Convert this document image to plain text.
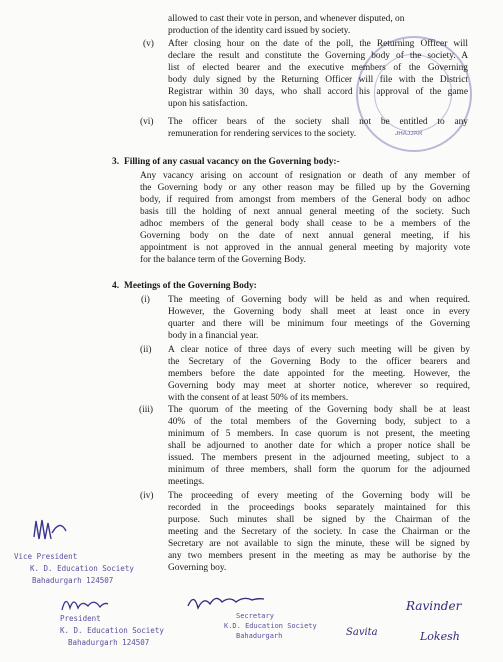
JHAJJAR
allowed to cast their vote in person, and whenever disputed, on
production of the identity card issued by society.
(v) After closing hour on the date of the poll, the Returning Officer will
declare the result and constitute the Governing body of the society. A
list of elected bearer and the executive members of the Governing
body duly signed by the Returning Officer will file with the District
Registrar within 30 days, who shall accord his approval of the game
upon his satisfaction.
(vi) The officer bears of the society shall not be entitled to any
remuneration for rendering services to the society.
3. Filling of any casual vacancy on the Governing body:-
Any vacancy arising on account of resignation or death of any member of
the Governing body or any other reason may be filled up by the Governing
body, if required from amongst from members of the General body on adhoc
basis till the holding of next annual general meeting of the society. Such
adhoc members of the general body shall cease to be a members of the
Governing body on the date of next annual general meeting, if his
appointment is not approved in the annual general meeting by majority vote
for the balance term of the Governing Body.
4. Meetings of the Governing Body:
(i) The meeting of Governing body will be held as and when required.
However, the Governing body shall meet at least once in every
quarter and there will be minimum four meetings of the Governing
body in a financial year.
(ii) A clear notice of three days of every such meeting will be given by
the Secretary of the Governing Body to the officer bearers and
members before the date appointed for the meeting. However, the
Governing body may meet at shorter notice, wherever so required,
with the consent of at least 50% of its members.
(iii) The quorum of the meeting of the Governing body shall be at least
40% of the total members of the Governing body, subject to a
minimum of 5 members. In case quorum is not present, the meeting
shall be adjourned to another date for which a proper notice shall be
issued. The members present in the adjourned meeting, subject to a
minimum of three members, shall form the quorum for the adjourned
meetings.
(iv) The proceeding of every meeting of the Governing body will be
recorded in the proceedings books separately maintained for this
purpose. Such minutes shall be signed by the Chairman of the
meeting and the Secretary of the society. In case the Chairman or the
Secretary are not available to sign the minute, these will be signed by
any two members present in the meeting as may be authorise by the
Governing boy.
Vice President
K. D. Education Society
Bahadurgarh 124507
President
K. D. Education Society
Bahadurgarh 124507
Secretary
K.D. Education Society
Bahadurgarh	Savita
Ravinder
Lokesh
